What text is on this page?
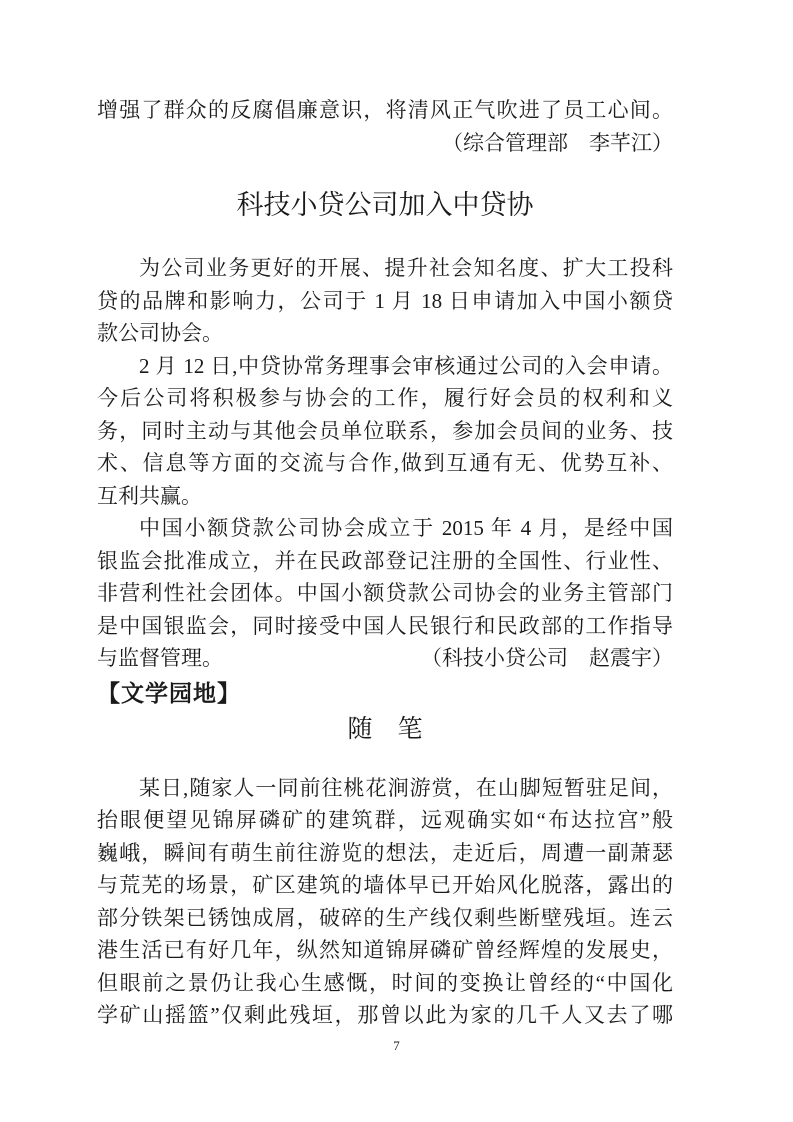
增强了群众的反腐倡廉意识，将清风正气吹进了员工心间。

（综合管理部　李芊江）

科技小贷公司加入中贷协

为公司业务更好的开展、提升社会知名度、扩大工投科

贷的品牌和影响力，公司于 1 月 18 日申请加入中国小额贷

款公司协会。

2 月 12 日,中贷协常务理事会审核通过公司的入会申请。

今后公司将积极参与协会的工作，履行好会员的权利和义

务，同时主动与其他会员单位联系，参加会员间的业务、技

术、信息等方面的交流与合作,做到互通有无、优势互补、

互利共赢。

中国小额贷款公司协会成立于 2015 年 4 月，是经中国

银监会批准成立，并在民政部登记注册的全国性、行业性、

非营利性社会团体。中国小额贷款公司协会的业务主管部门

是中国银监会，同时接受中国人民银行和民政部的工作指导

与监督管理。	（科技小贷公司　赵震宇）

【文学园地】

随　笔

某日,随家人一同前往桃花涧游赏，在山脚短暂驻足间，

抬眼便望见锦屏磷矿的建筑群，远观确实如“布达拉宫”般

巍峨，瞬间有萌生前往游览的想法，走近后，周遭一副萧瑟

与荒芜的场景，矿区建筑的墙体早已开始风化脱落，露出的

部分铁架已锈蚀成屑，破碎的生产线仅剩些断壁残垣。连云

港生活已有好几年，纵然知道锦屏磷矿曾经辉煌的发展史，

但眼前之景仍让我心生感慨，时间的变换让曾经的“中国化

学矿山摇篮”仅剩此残垣，那曾以此为家的几千人又去了哪

7
